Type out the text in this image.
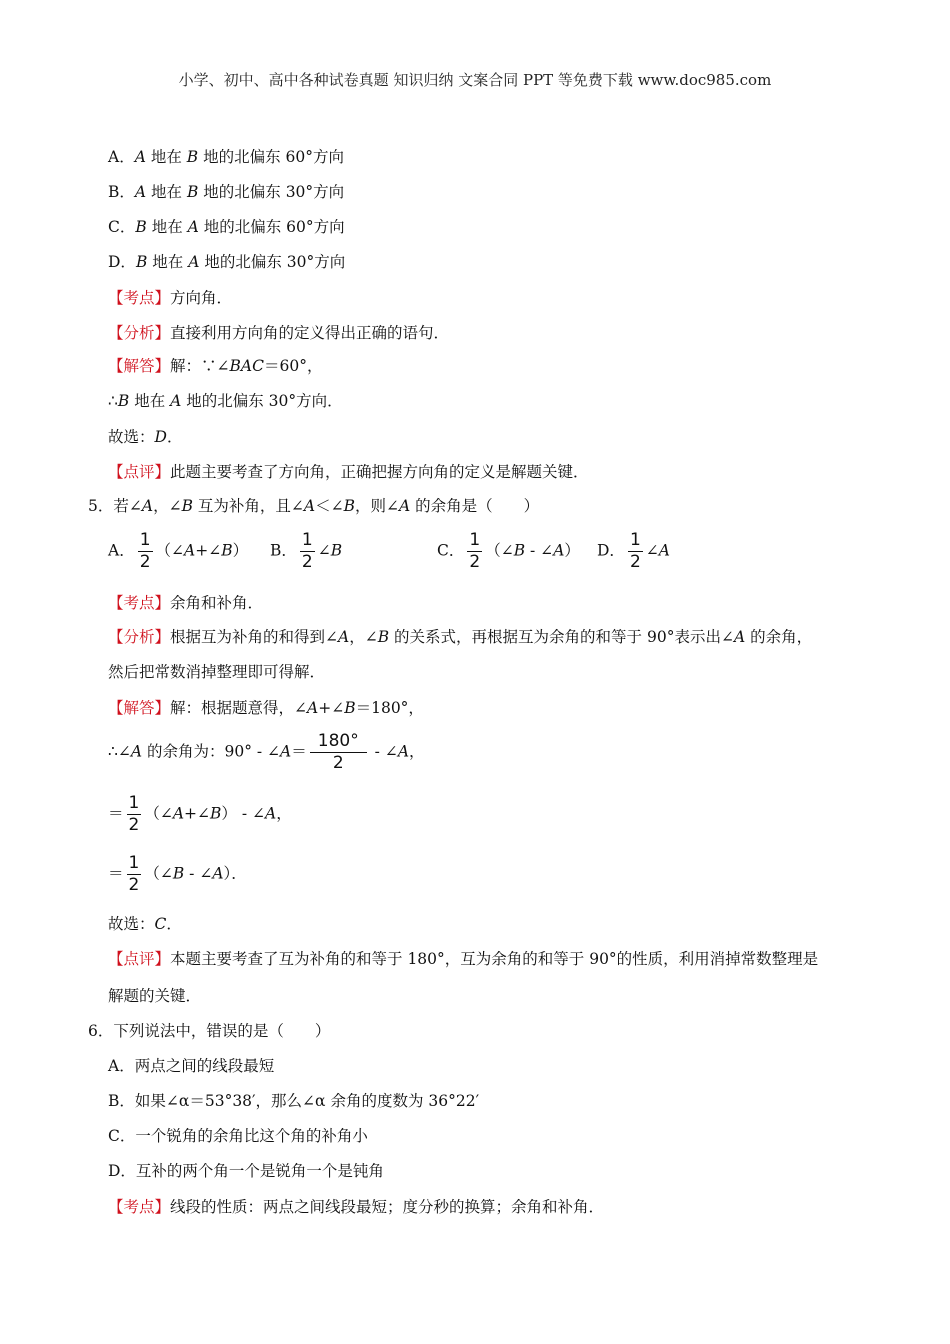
小学、初中、高中各种试卷真题 知识归纳 文案合同 PPT 等免费下载 www.doc985.com
A．A 地在 B 地的北偏东 60°方向
B．A 地在 B 地的北偏东 30°方向
C．B 地在 A 地的北偏东 60°方向
D．B 地在 A 地的北偏东 30°方向
【考点】方向角．
【分析】直接利用方向角的定义得出正确的语句．
【解答】解：∵∠BAC＝60°，
∴B 地在 A 地的北偏东 30°方向．
故选：D．
【点评】此题主要考查了方向角，正确把握方向角的定义是解题关键．
5．若∠A，∠B 互为补角，且∠A＜∠B，则∠A 的余角是（　　）
A． $\frac{1}{2}$ （∠A+∠B） B． $\frac{1}{2}$ ∠B	C． $\frac{1}{2}$ （∠B - ∠A） D． $\frac{1}{2}$ ∠A
【考点】余角和补角．
【分析】根据互为补角的和得到∠A，∠B 的关系式，再根据互为余角的和等于 90°表示出∠A 的余角，
然后把常数消掉整理即可得解．
【解答】解：根据题意得，∠A+∠B＝180°，
∴∠A 的余角为：90° - ∠A＝ $\frac{180^\circ}{2}$ - ∠A，
＝ $\frac{1}{2}$ （∠A+∠B） - ∠A，
＝ $\frac{1}{2}$ （∠B - ∠A）．
故选：C．
【点评】本题主要考查了互为补角的和等于 180°，互为余角的和等于 90°的性质，利用消掉常数整理是
解题的关键．
6．下列说法中，错误的是（　　）
A．两点之间的线段最短
B．如果∠α＝53°38′，那么∠α 余角的度数为 36°22′
C．一个锐角的余角比这个角的补角小
D．互补的两个角一个是锐角一个是钝角
【考点】线段的性质：两点之间线段最短；度分秒的换算；余角和补角．
